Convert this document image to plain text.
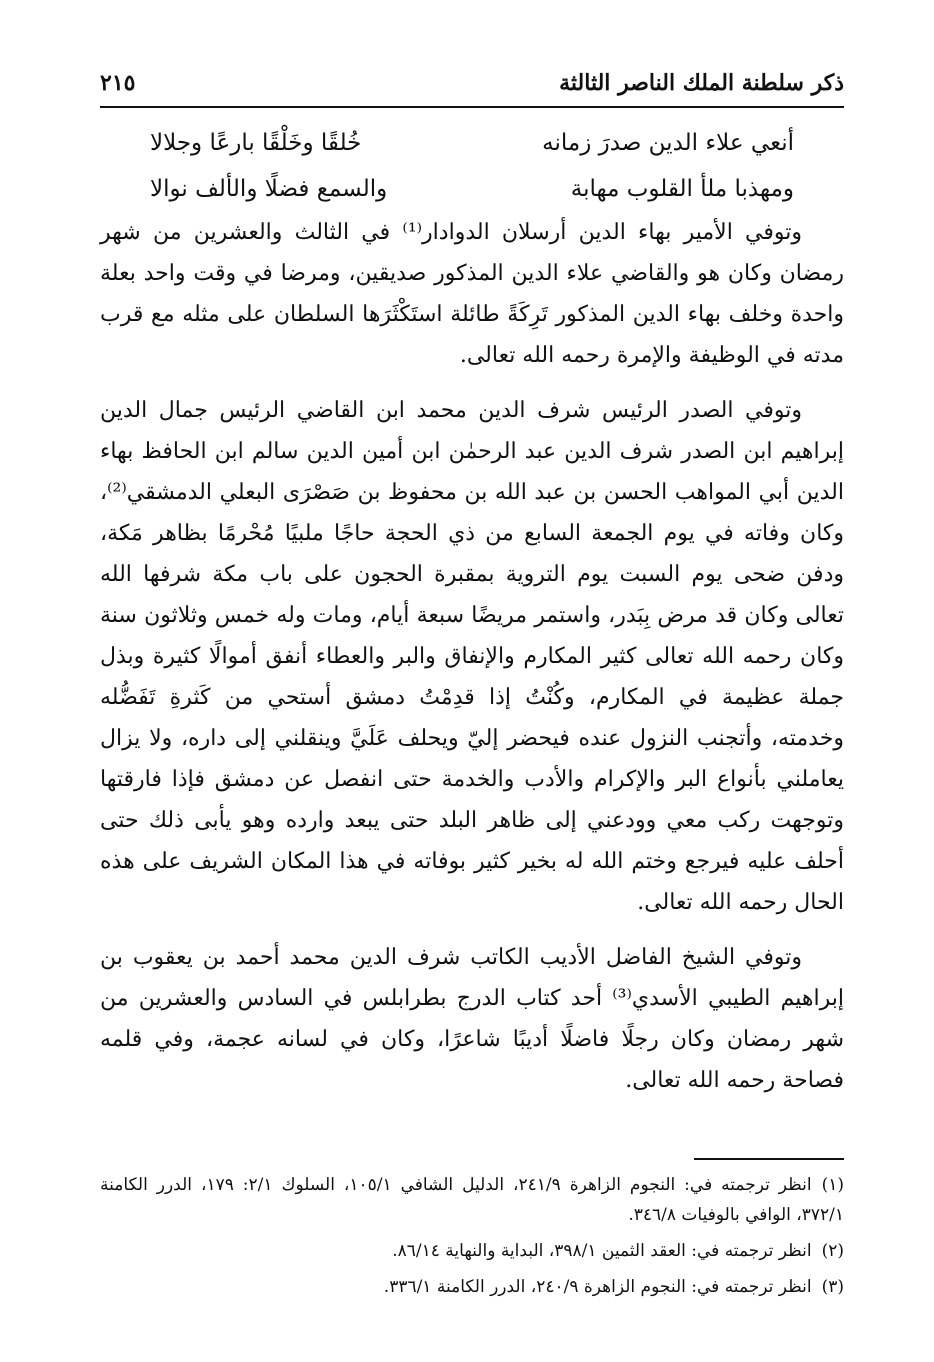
ذكر سلطنة الملك الناصر الثالثة
٢١٥
أنعي علاء الدين صدرَ زمانه
خُلقًا وخَلْقًا بارعًا وجلالا
ومهذبا ملأ القلوب مهابة
والسمع فضلًا والألف نوالا

وتوفي الأمير بهاء الدين أرسلان الدوادار⁽¹⁾ في الثالث والعشرين من شهر رمضان وكان هو والقاضي علاء الدين المذكور صديقين، ومرضا في وقت واحد بعلة واحدة وخلف بهاء الدين المذكور تَرِكَةً طائلة استَكْثَرَها السلطان على مثله مع قرب مدته في الوظيفة والإمرة رحمه الله تعالى.

وتوفي الصدر الرئيس شرف الدين محمد ابن القاضي الرئيس جمال الدين إبراهيم ابن الصدر شرف الدين عبد الرحمٰن ابن أمين الدين سالم ابن الحافظ بهاء الدين أبي المواهب الحسن بن عبد الله بن محفوظ بن صَصْرَى البعلي الدمشقي⁽²⁾، وكان وفاته في يوم الجمعة السابع من ذي الحجة حاجًا ملبيًا مُحْرمًا بظاهر مَكة، ودفن ضحى يوم السبت يوم التروية بمقبرة الحجون على باب مكة شرفها الله تعالى وكان قد مرض بِبَدر، واستمر مريضًا سبعة أيام، ومات وله خمس وثلاثون سنة وكان رحمه الله تعالى كثير المكارم والإنفاق والبر والعطاء أنفق أموالًا كثيرة وبذل جملة عظيمة في المكارم، وكُنْتُ إذا قدِمْتُ دمشق أستحي من كَثرةِ تَفَضُّله وخدمته، وأتجنب النزول عنده فيحضر إليّ ويحلف عَلَيَّ وينقلني إلى داره، ولا يزال يعاملني بأنواع البر والإكرام والأدب والخدمة حتى انفصل عن دمشق فإذا فارقتها وتوجهت ركب معي وودعني إلى ظاهر البلد حتى يبعد وارده وهو يأبى ذلك حتى أحلف عليه فيرجع وختم الله له بخير كثير بوفاته في هذا المكان الشريف على هذه الحال رحمه الله تعالى.

وتوفي الشيخ الفاضل الأديب الكاتب شرف الدين محمد أحمد بن يعقوب بن إبراهيم الطيبي الأسدي⁽³⁾ أحد كتاب الدرج بطرابلس في السادس والعشرين من شهر رمضان وكان رجلًا فاضلًا أديبًا شاعرًا، وكان في لسانه عجمة، وفي قلمه فصاحة رحمه الله تعالى.

(١)انظر ترجمته في: النجوم الزاهرة ٢٤١/٩، الدليل الشافي ١٠٥/١، السلوك ٢/١: ١٧٩، الدرر الكامنة ٣٧٢/١، الوافي بالوفيات ٣٤٦/٨.

(٢)انظر ترجمته في: العقد الثمين ٣٩٨/١، البداية والنهاية ٨٦/١٤.

(٣)انظر ترجمته في: النجوم الزاهرة ٢٤٠/٩، الدرر الكامنة ٣٣٦/١.
